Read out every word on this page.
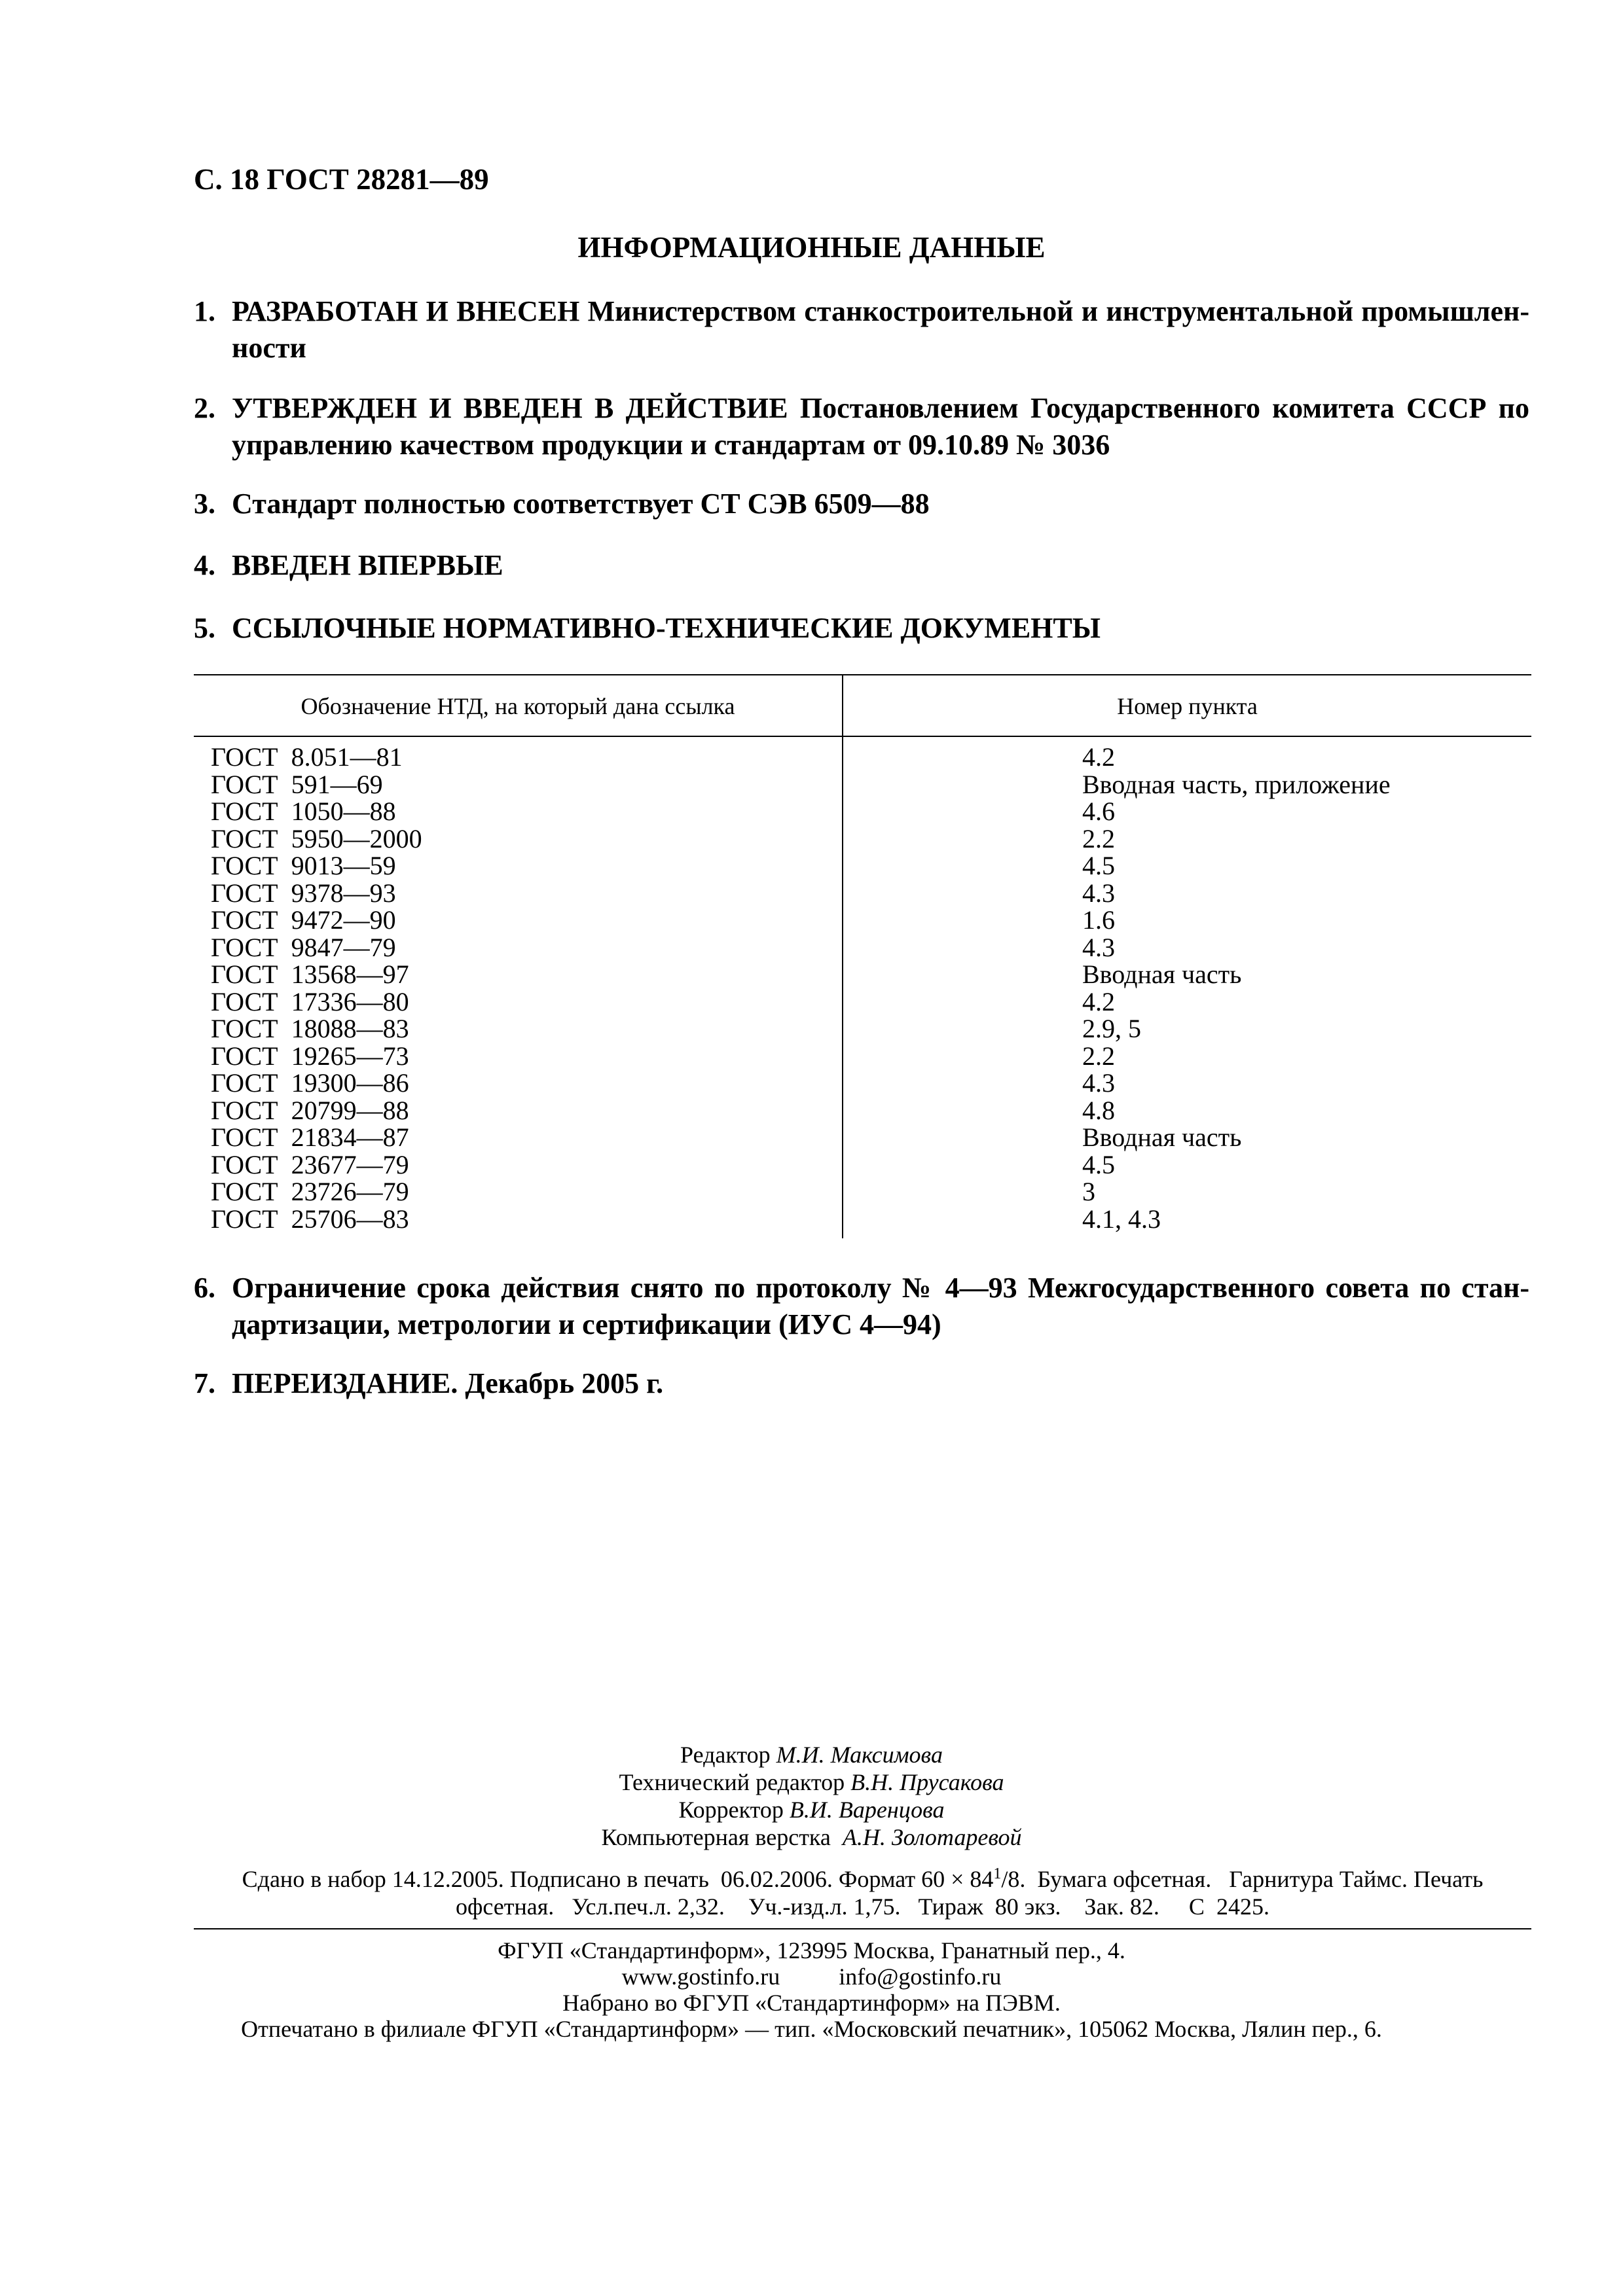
С. 18 ГОСТ 28281—89
ИНФОРМАЦИОННЫЕ ДАННЫЕ
1. РАЗРАБОТАН И ВНЕСЕН Министерством станкостроительной и инструментальной промышленности
2. УТВЕРЖДЕН И ВВЕДЕН В ДЕЙСТВИЕ Постановлением Государственного комитета СССР по управлению качеством продукции и стандартам от 09.10.89 № 3036
3. Стандарт полностью соответствует СТ СЭВ 6509—88
4. ВВЕДЕН ВПЕРВЫЕ
5. ССЫЛОЧНЫЕ НОРМАТИВНО-ТЕХНИЧЕСКИЕ ДОКУМЕНТЫ
Обозначение НТД, на который дана ссылка	Номер пункта
ГОСТ  8.051—81
ГОСТ  591—69
ГОСТ  1050—88
ГОСТ  5950—2000
ГОСТ  9013—59
ГОСТ  9378—93
ГОСТ  9472—90
ГОСТ  9847—79
ГОСТ  13568—97
ГОСТ  17336—80
ГОСТ  18088—83
ГОСТ  19265—73
ГОСТ  19300—86
ГОСТ  20799—88
ГОСТ  21834—87
ГОСТ  23677—79
ГОСТ  23726—79
ГОСТ  25706—83
4.2
Вводная часть, приложение
4.6
2.2
4.5
4.3
1.6
4.3
Вводная часть
4.2
2.9, 5
2.2
4.3
4.8
Вводная часть
4.5
3
4.1, 4.3
6. Ограничение срока действия снято по протоколу № 4—93 Межгосударственного совета по стандартизации, метрологии и сертификации (ИУС 4—94)
7. ПЕРЕИЗДАНИЕ. Декабрь 2005 г.
Редактор М.И. Максимова
Технический редактор В.Н. Прусакова
Корректор В.И. Варенцова
Компьютерная верстка  А.Н. Золотаревой
Сдано в набор 14.12.2005. Подписано в печать  06.02.2006. Формат $60 \times 84^1/8$.  Бумага офсетная.   Гарнитура Таймс. Печать
офсетная.   Усл.печ.л. 2,32.    Уч.-изд.л. 1,75.   Тираж  80 экз.    Зак. 82.     С  2425.
ФГУП «Стандартинформ», 123995 Москва, Гранатный пер., 4.
www.gostinfo.ru          info@gostinfo.ru
Набрано во ФГУП «Стандартинформ» на ПЭВМ.
Отпечатано в филиале ФГУП «Стандартинформ» — тип. «Московский печатник», 105062 Москва, Лялин пер., 6.
